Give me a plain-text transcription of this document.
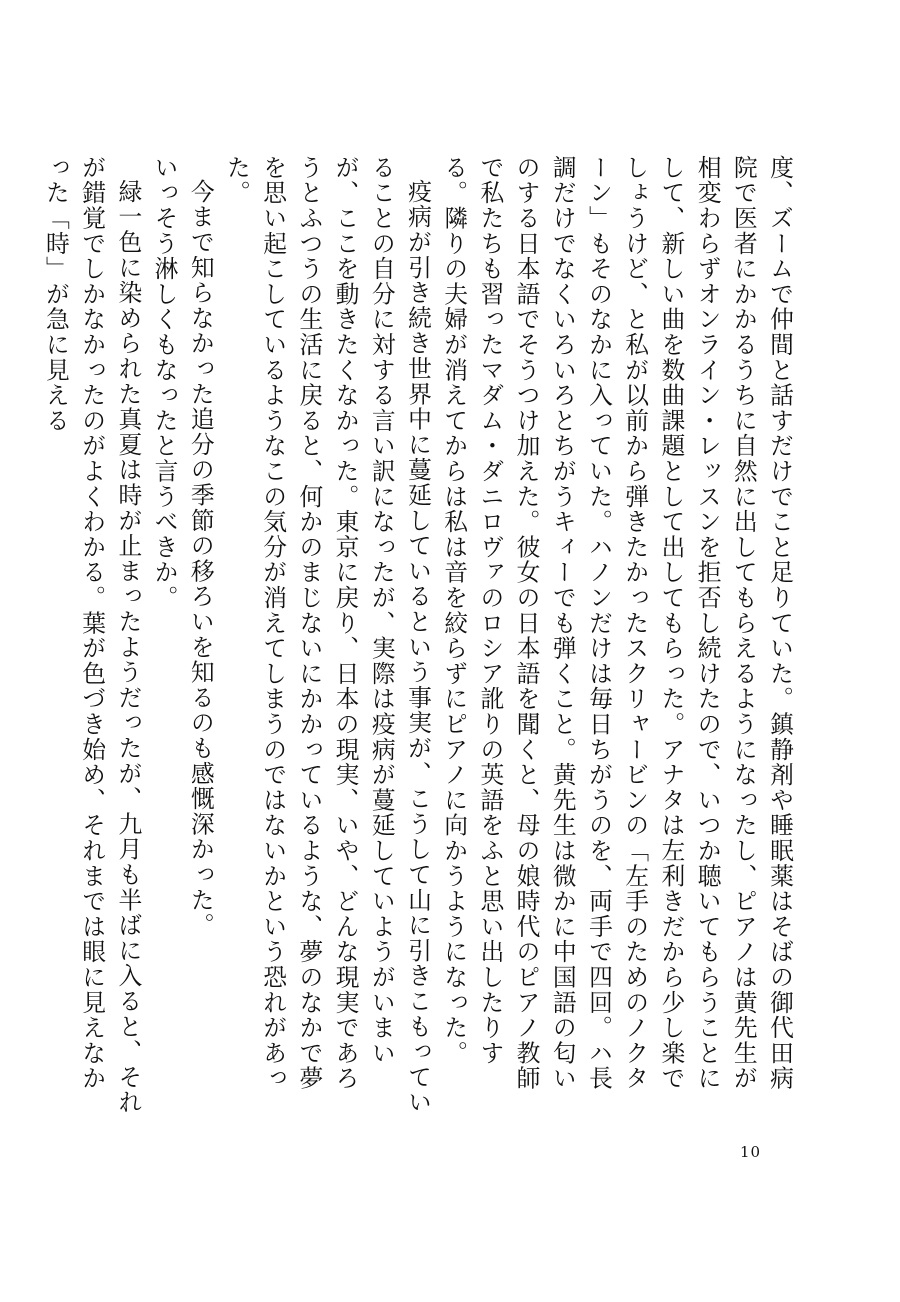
度、ズームで仲間と話すだけでこと足りていた。鎮静剤や睡眠薬はそばの御代田病院で医者にかかるうちに自然に出してもらえるようになったし、ピアノは黄先生が相変わらずオンライン・レッスンを拒否し続けたので、いつか聴いてもらうことにして、新しい曲を数曲課題として出してもらった。アナタは左利きだから少し楽でしょうけど、と私が以前から弾きたかったスクリャービンの「左手のためのノクターン」もそのなかに入っていた。ハノンだけは毎日ちがうのを、両手で四回。ハ長調だけでなくいろいろとちがうキィーでも弾くこと。黄先生は微かに中国語の匂いのする日本語でそうつけ加えた。彼女の日本語を聞くと、母の娘時代のピアノ教師で私たちも習ったマダム・ダニロヴァのロシア訛りの英語をふと思い出したりする。隣りの夫婦が消えてからは私は音を絞らずにピアノに向かうようになった。

疫病が引き続き世界中に蔓延しているという事実が、こうして山に引きこもっていることの自分に対する言い訳になったが、実際は疫病が蔓延していようがいまいが、ここを動きたくなかった。東京に戻り、日本の現実、いや、どんな現実であろうとふつうの生活に戻ると、何かのまじないにかかっているような、夢のなかで夢を思い起こしているようなこの気分が消えてしまうのではないかという恐れがあった。

今まで知らなかった追分の季節の移ろいを知るのも感慨深かった。

いっそう淋しくもなったと言うべきか。

緑一色に染められた真夏は時が止まったようだったが、九月も半ばに入ると、それが錯覚でしかなかったのがよくわかる。葉が色づき始め、それまでは眼に見えなかった「時」が急に見える

10
